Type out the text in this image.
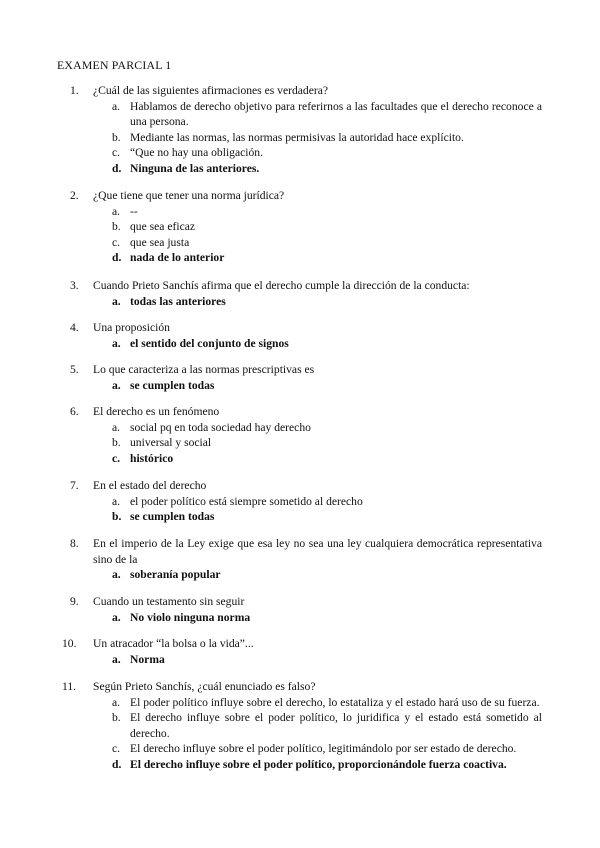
EXAMEN PARCIAL 1
1.	¿Cuál de las siguientes afirmaciones es verdadera?
a. Hablamos de derecho objetivo para referirnos a las facultades que el derecho reconoce a una persona.
b. Mediante las normas, las normas permisivas la autoridad hace explícito.
c. “Que no hay una obligación.
d. Ninguna de las anteriores.
2.	¿Que tiene que tener una norma jurídica?
a. --
b. que sea eficaz
c. que sea justa
d. nada de lo anterior
3.	Cuando Prieto Sanchís afirma que el derecho cumple la dirección de la conducta:
a. todas las anteriores
4.	Una proposición
a. el sentido del conjunto de signos
5.	Lo que caracteriza a las normas prescriptivas es
a. se cumplen todas
6.	El derecho es un fenómeno
a. social pq en toda sociedad hay derecho
b. universal y social
c. histórico
7.	En el estado del derecho
a. el poder político está siempre sometido al derecho
b. se cumplen todas
8.	En el imperio de la Ley exige que esa ley no sea una ley cualquiera democrática representativa sino de la
a. soberanía popular
9.	Cuando un testamento sin seguir
a. No violo ninguna norma
10.	Un atracador “la bolsa o la vida”...
a. Norma
11.	Según Prieto Sanchís, ¿cuál enunciado es falso?
a. El poder político influye sobre el derecho, lo estataliza y el estado hará uso de su fuerza.
b. El derecho influye sobre el poder político, lo juridifica y el estado está sometido al derecho.
c. El derecho influye sobre el poder político, legitimándolo por ser estado de derecho.
d. El derecho influye sobre el poder político, proporcionándole fuerza coactiva.
